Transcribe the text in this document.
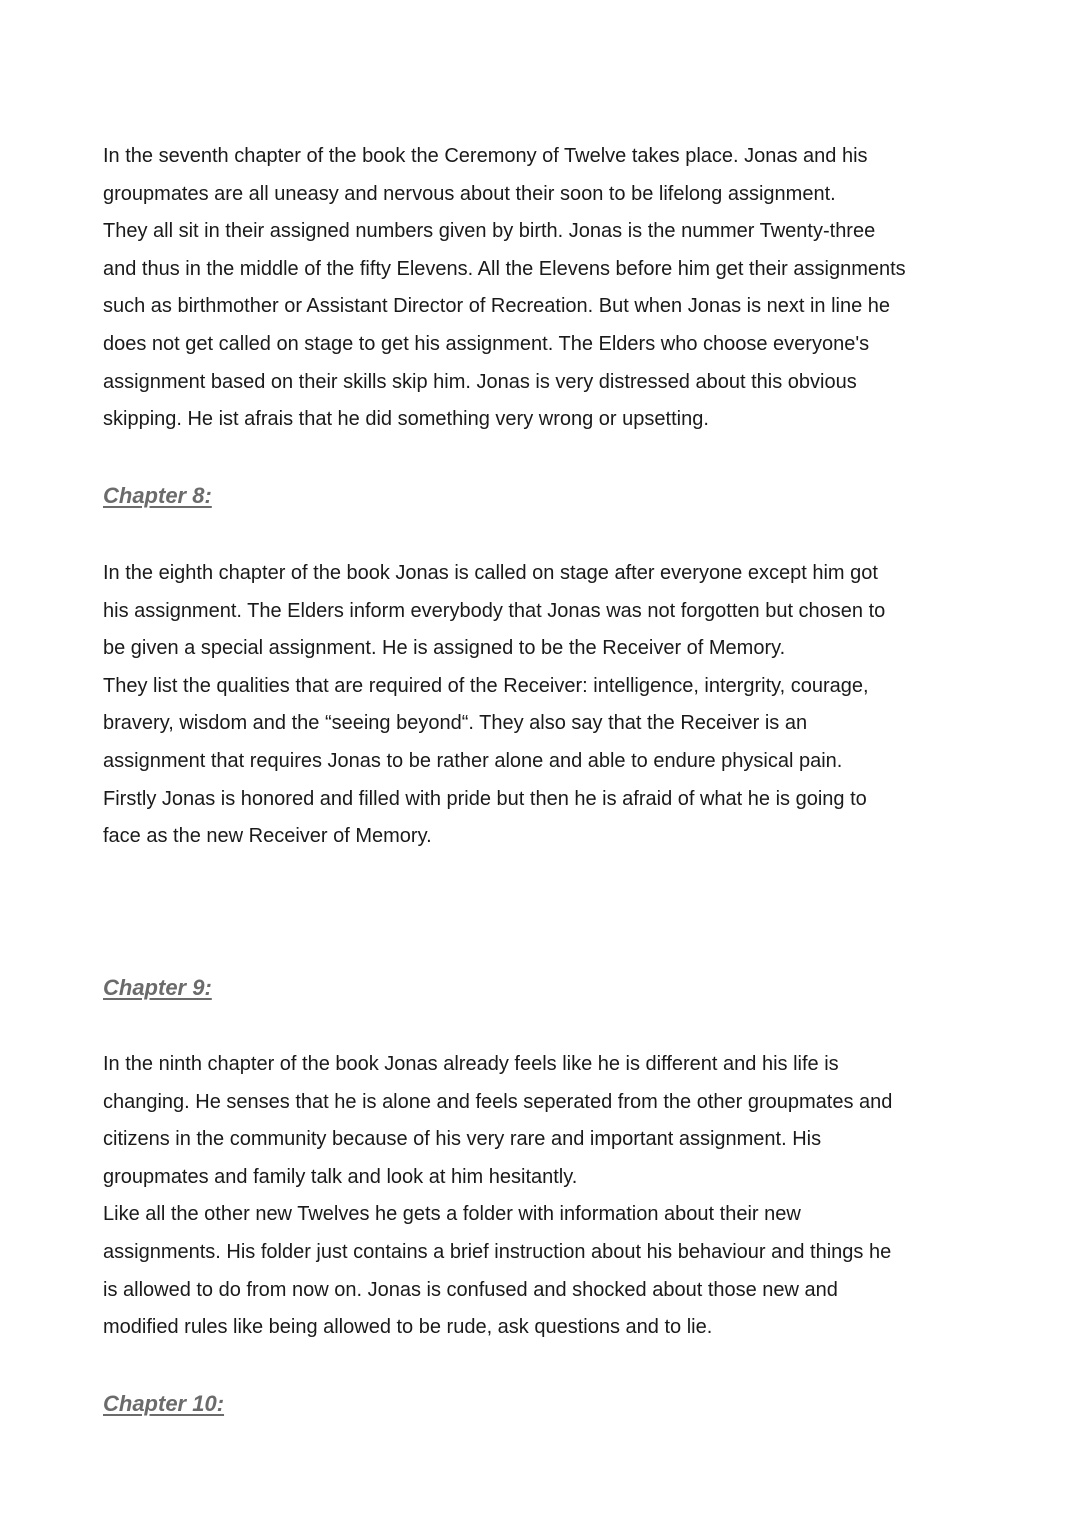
In the seventh chapter of the book the Ceremony of Twelve takes place. Jonas and his
groupmates are all uneasy and nervous about their soon to be lifelong assignment.
They all sit in their assigned numbers given by birth. Jonas is the nummer Twenty-three
and thus in the middle of the fifty Elevens. All the Elevens before him get their assignments
such as birthmother or Assistant Director of Recreation. But when Jonas is next in line he
does not get called on stage to get his assignment. The Elders who choose everyone's
assignment based on their skills skip him. Jonas is very distressed about this obvious
skipping. He ist afrais that he did something very wrong or upsetting.

Chapter 8:

In the eighth chapter of the book Jonas is called on stage after everyone except him got
his assignment. The Elders inform everybody that Jonas was not forgotten but chosen to
be given a special assignment. He is assigned to be the Receiver of Memory.
They list the qualities that are required of the Receiver: intelligence, intergrity, courage,
bravery, wisdom and the “seeing beyond“. They also say that the Receiver is an
assignment that requires Jonas to be rather alone and able to endure physical pain.
Firstly Jonas is honored and filled with pride but then he is afraid of what he is going to
face as the new Receiver of Memory.

Chapter 9:

In the ninth chapter of the book Jonas already feels like he is different and his life is
changing. He senses that he is alone and feels seperated from the other groupmates and
citizens in the community because of his very rare and important assignment. His
groupmates and family talk and look at him hesitantly.
Like all the other new Twelves he gets a folder with information about their new
assignments. His folder just contains a brief instruction about his behaviour and things he
is allowed to do from now on. Jonas is confused and shocked about those new and
modified rules like being allowed to be rude, ask questions and to lie.

Chapter 10:
